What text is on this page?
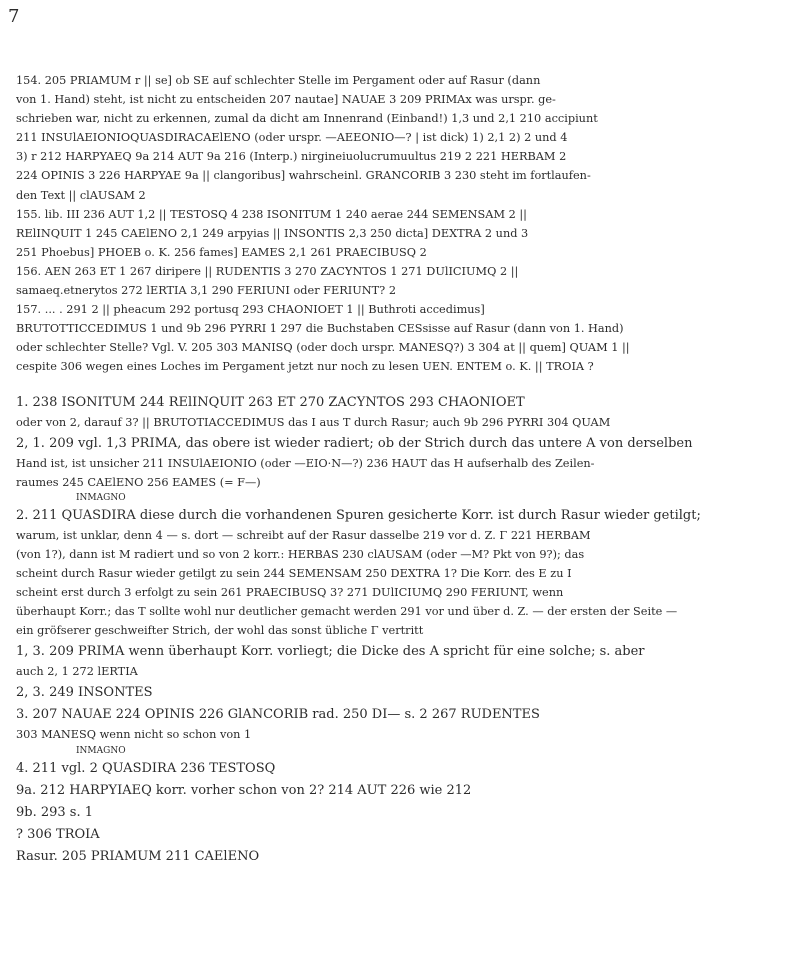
7
154. 205 PRIAMUM r || se] ob SE auf schlechter Stelle im Pergament oder auf Rasur (dann
von 1. Hand) steht, ist nicht zu entscheiden 207 nautae] NAUAE 3 209 PRIMAx was urspr. ge-
schrieben war, nicht zu erkennen, zumal da dicht am Innenrand (Einband!) 1,3 und 2,1 210 accipiunt
211 INSUlAEIONIOQUASDIRACAElENO (oder urspr. —AEEONIO—? | ist dick) 1) 2,1 2) 2 und 4
3) r 212 HARPYAEQ 9a 214 AUT 9a 216 (Interp.) nirgineiuolucrumuultus 219 2 221 HERBAM 2
224 OPINIS 3 226 HARPYAE 9a || clangoribus] wahrscheinl. GRANCORIB 3 230 steht im fortlaufen-
den Text || clAUSAM 2
155. lib. III 236 AUT 1,2 || TESTOSQ 4 238 ISONITUM 1 240 aerae 244 SEMENSAM 2 ||
RElINQUIT 1 245 CAElENO 2,1 249 arpyias || INSONTIS 2,3 250 dicta] DEXTRA 2 und 3
251 Phoebus] PHOEB o. K. 256 fames] EAMES 2,1 261 PRAECIBUSQ 2
156. AEN 263 ET 1 267 diripere || RUDENTIS 3 270 ZACYNTOS 1 271 DUlICIUMQ 2 ||
samaeq.etnerytos 272 lERTIA 3,1 290 FERIUNI oder FERIUNT? 2
157. ... . 291 2 || pheacum 292 portusq 293 CHAONIOET 1 || Buthroti accedimus]
BRUTOTTICCEDIMUS 1 und 9b 296 PYRRI 1 297 die Buchstaben CESsisse auf Rasur (dann von 1. Hand)
oder schlechter Stelle? Vgl. V. 205 303 MANISQ (oder doch urspr. MANESQ?) 3 304 at || quem] QUAM 1 ||
cespite 306 wegen eines Loches im Pergament jetzt nur noch zu lesen UEN. ENTEM o. K. || TROIA ?
1. 238 ISONITUM 244 RElINQUIT 263 ET 270 ZACYNTOS 293 CHAONIOET
oder von 2, darauf 3? || BRUTOTIACCEDIMUS das I aus T durch Rasur; auch 9b 296 PYRRI 304 QUAM
2, 1. 209 vgl. 1,3 PRIMA, das obere ist wieder radiert; ob der Strich durch das untere A von derselben
Hand ist, ist unsicher 211 INSUlAEIONIO (oder —EIO·N—?) 236 HAUT das H aufserhalb des Zeilen-
raumes 245 CAElENO 256 EAMES (= F—)
INMAGNO
2. 211 QUASDIRA diese durch die vorhandenen Spuren gesicherte Korr. ist durch Rasur wieder getilgt;
warum, ist unklar, denn 4 — s. dort — schreibt auf der Rasur dasselbe 219 vor d. Z. Γ 221 HERBAM
(von 1?), dann ist M radiert und so von 2 korr.: HERBAS 230 clAUSAM (oder —M? Pkt von 9?); das
scheint durch Rasur wieder getilgt zu sein 244 SEMENSAM 250 DEXTRA 1? Die Korr. des E zu I
scheint erst durch 3 erfolgt zu sein 261 PRAECIBUSQ 3? 271 DUlICIUMQ 290 FERIUNT, wenn
überhaupt Korr.; das T sollte wohl nur deutlicher gemacht werden 291 vor und über d. Z. — der ersten der Seite —
ein gröfserer geschweifter Strich, der wohl das sonst übliche Γ vertritt
1, 3. 209 PRIMA wenn überhaupt Korr. vorliegt; die Dicke des A spricht für eine solche; s. aber
auch 2, 1 272 lERTIA
2, 3. 249 INSONTES
3. 207 NAUAE 224 OPINIS 226 GlANCORIB rad. 250 DI— s. 2 267 RUDENTES
303 MANESQ wenn nicht so schon von 1
INMAGNO
4. 211 vgl. 2 QUASDIRA 236 TESTOSQ
9a. 212 HARPYIAEQ korr. vorher schon von 2? 214 AUT 226 wie 212
9b. 293 s. 1
? 306 TROIA
Rasur. 205 PRIAMUM 211 CAElENO
